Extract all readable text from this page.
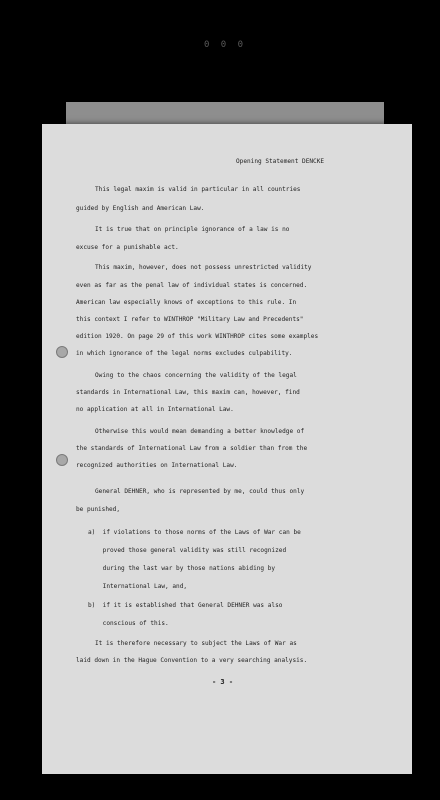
0 0 0
Opening Statement DENCKE
This legal maxim is valid in particular in all countries
guided by English and American Law.
It is true that on principle ignorance of a law is no
excuse for a punishable act.
This maxim, however, does not possess unrestricted validity
even as far as the penal law of individual states is concerned.
American law especially knows of exceptions to this rule. In
this context I refer to WINTHROP "Military Law and Precedents"
edition 1920. On page 29 of this work WINTHROP cites some examples
in which ignorance of the legal norms excludes culpability.
Owing to the chaos concerning the validity of the legal
standards in International Law, this maxim can, however, find
no application at all in International Law.
Otherwise this would mean demanding a better knowledge of
the standards of International Law from a soldier than from the
recognized authorities on International Law.
General DEHNER, who is represented by me, could thus only
be punished,
a)  if violations to those norms of the Laws of War can be
proved those general validity was still recognized
during the last war by those nations abiding by
International Law, and,
b)  if it is established that General DEHNER was also
conscious of this.
It is therefore necessary to subject the Laws of War as
laid down in the Hague Convention to a very searching analysis.
- 3 -
